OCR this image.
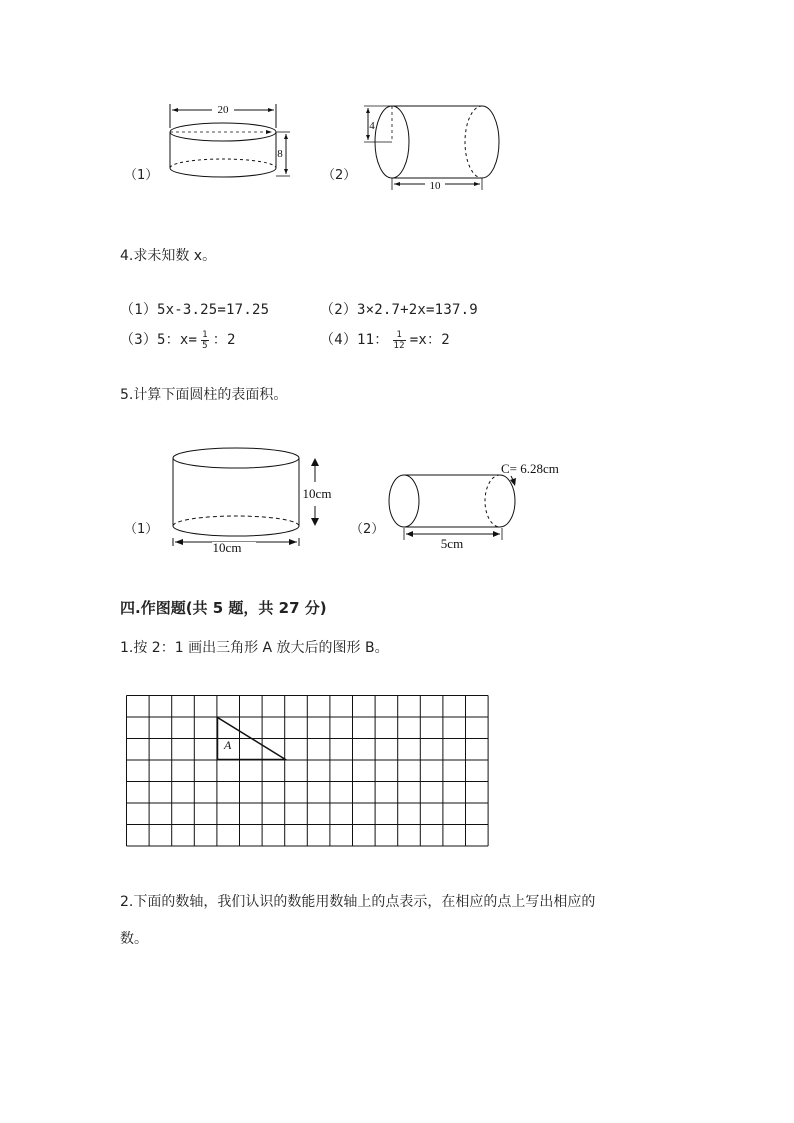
（1）
20
8
（2）
4
10
4.求未知数 x。
（1）5x-3.25=17.25	（2）3×2.7+2x=137.9
（3）5：$x= \frac{1}{5}$ ：2	（4）11： $\frac{1}{12} =x$：2
5.计算下面圆柱的表面积。
（1）
10cm
10cm
（2）
C= 6.28cm
5cm
四.作图题(共 5 题，共 27 分)
1.按 2：1 画出三角形 A 放大后的图形 B。
A
2.下面的数轴，我们认识的数能用数轴上的点表示，在相应的点上写出相应的
数。
